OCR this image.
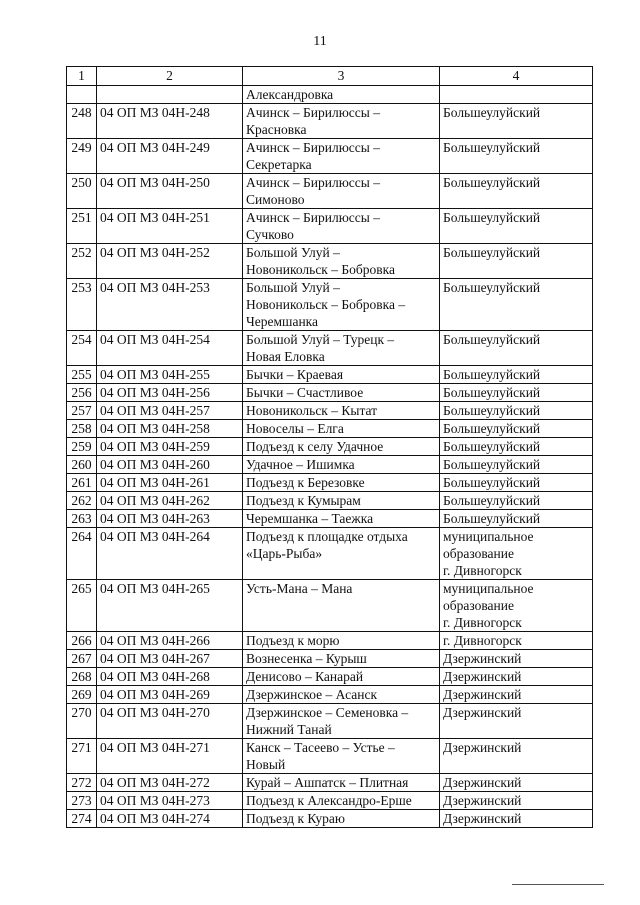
11
1	2	3	4
		Александровка	
248	04 ОП МЗ 04Н-248	Ачинск – Бирилюссы –
Красновка	Большеулуйский

249	04 ОП МЗ 04Н-249	Ачинск – Бирилюссы –
Секретарка	Большеулуйский

250	04 ОП МЗ 04Н-250	Ачинск – Бирилюссы –
Симоново	Большеулуйский

251	04 ОП МЗ 04Н-251	Ачинск – Бирилюссы –
Сучково	Большеулуйский

252	04 ОП МЗ 04Н-252	Большой Улуй –
Новоникольск – Бобровка	Большеулуйский

253	04 ОП МЗ 04Н-253	Большой Улуй –
Новоникольск – Бобровка –
Черемшанка	Большеулуйский

254	04 ОП МЗ 04Н-254	Большой Улуй – Турецк –
Новая Еловка	Большеулуйский

255	04 ОП МЗ 04Н-255	Бычки – Краевая	Большеулуйский

256	04 ОП МЗ 04Н-256	Бычки – Счастливое	Большеулуйский

257	04 ОП МЗ 04Н-257	Новоникольск – Кытат	Большеулуйский

258	04 ОП МЗ 04Н-258	Новоселы – Елга	Большеулуйский

259	04 ОП МЗ 04Н-259	Подъезд к селу Удачное	Большеулуйский

260	04 ОП МЗ 04Н-260	Удачное – Ишимка	Большеулуйский

261	04 ОП МЗ 04Н-261	Подъезд к Березовке	Большеулуйский

262	04 ОП МЗ 04Н-262	Подъезд к Кумырам	Большеулуйский

263	04 ОП МЗ 04Н-263	Черемшанка – Таежка	Большеулуйский

264	04 ОП МЗ 04Н-264	Подъезд к площадке отдыха
«Царь-Рыба»	муниципальное
образование
г. Дивногорск

265	04 ОП МЗ 04Н-265	Усть-Мана – Мана	муниципальное
образование
г. Дивногорск

266	04 ОП МЗ 04Н-266	Подъезд к морю	г. Дивногорск

267	04 ОП МЗ 04Н-267	Вознесенка – Курыш	Дзержинский

268	04 ОП МЗ 04Н-268	Денисово – Канарай	Дзержинский

269	04 ОП МЗ 04Н-269	Дзержинское – Асанск	Дзержинский

270	04 ОП МЗ 04Н-270	Дзержинское – Семеновка –
Нижний Танай	Дзержинский

271	04 ОП МЗ 04Н-271	Канск – Тасеево – Устье –
Новый	Дзержинский

272	04 ОП МЗ 04Н-272	Курай – Ашпатск – Плитная	Дзержинский

273	04 ОП МЗ 04Н-273	Подъезд к Александро-Ерше	Дзержинский

274	04 ОП МЗ 04Н-274	Подъезд к Кураю	Дзержинский
